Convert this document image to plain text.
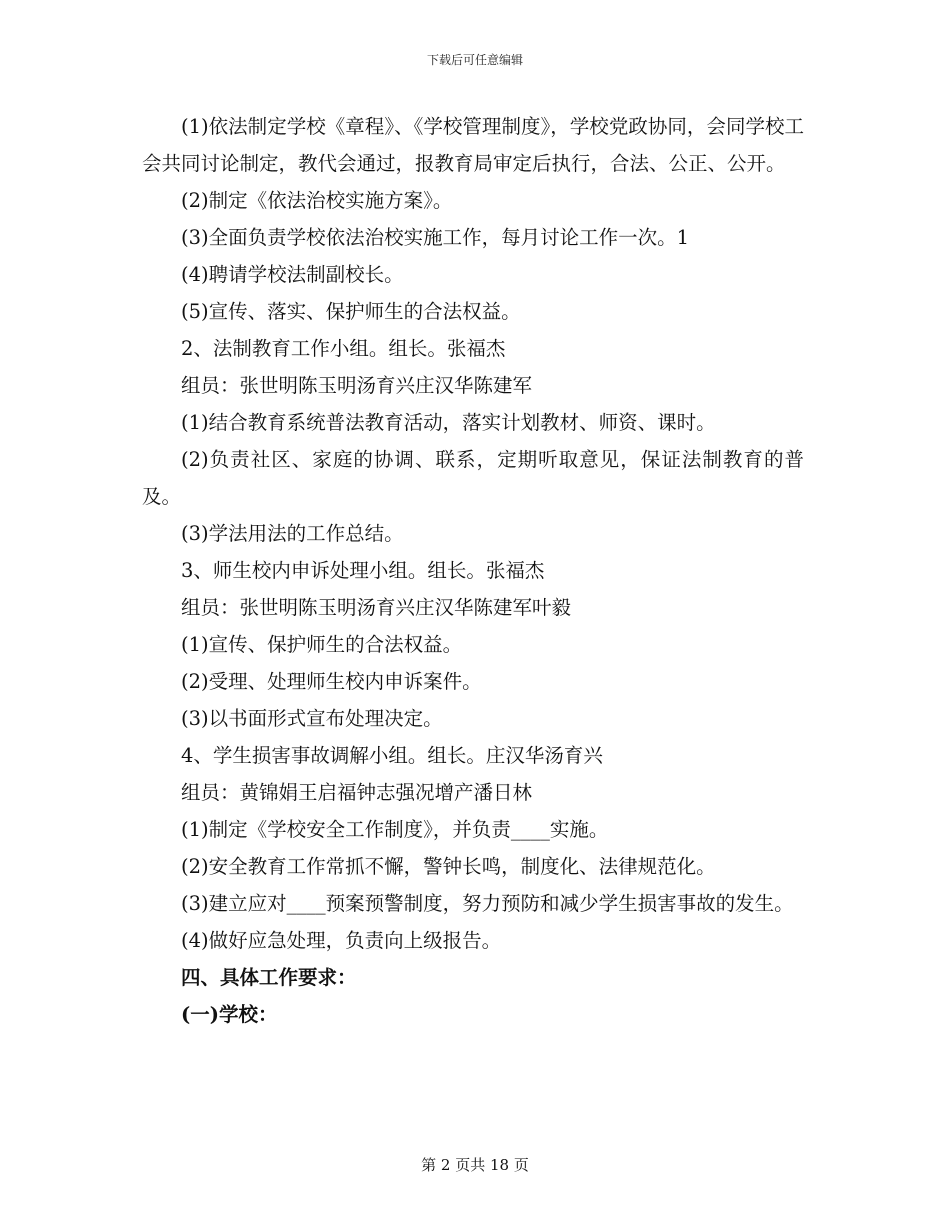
下载后可任意编辑

(1)依法制定学校《章程》、《学校管理制度》，学校党政协同，会同学校工会共同讨论制定，教代会通过，报教育局审定后执行，合法、公正、公开。

(2)制定《依法治校实施方案》。

(3)全面负责学校依法治校实施工作，每月讨论工作一次。1

(4)聘请学校法制副校长。

(5)宣传、落实、保护师生的合法权益。

2、法制教育工作小组。组长。张福杰

组员：张世明陈玉明汤育兴庄汉华陈建军

(1)结合教育系统普法教育活动，落实计划教材、师资、课时。

(2)负责社区、家庭的协调、联系，定期听取意见，保证法制教育的普及。

(3)学法用法的工作总结。

3、师生校内申诉处理小组。组长。张福杰

组员：张世明陈玉明汤育兴庄汉华陈建军叶毅

(1)宣传、保护师生的合法权益。

(2)受理、处理师生校内申诉案件。

(3)以书面形式宣布处理决定。

4、学生损害事故调解小组。组长。庄汉华汤育兴

组员：黄锦娟王启福钟志强况增产潘日林

(1)制定《学校安全工作制度》，并负责____实施。

(2)安全教育工作常抓不懈，警钟长鸣，制度化、法律规范化。

(3)建立应对____预案预警制度，努力预防和减少学生损害事故的发生。

(4)做好应急处理，负责向上级报告。

四、具体工作要求：

(一)学校：

第 2 页共 18 页
